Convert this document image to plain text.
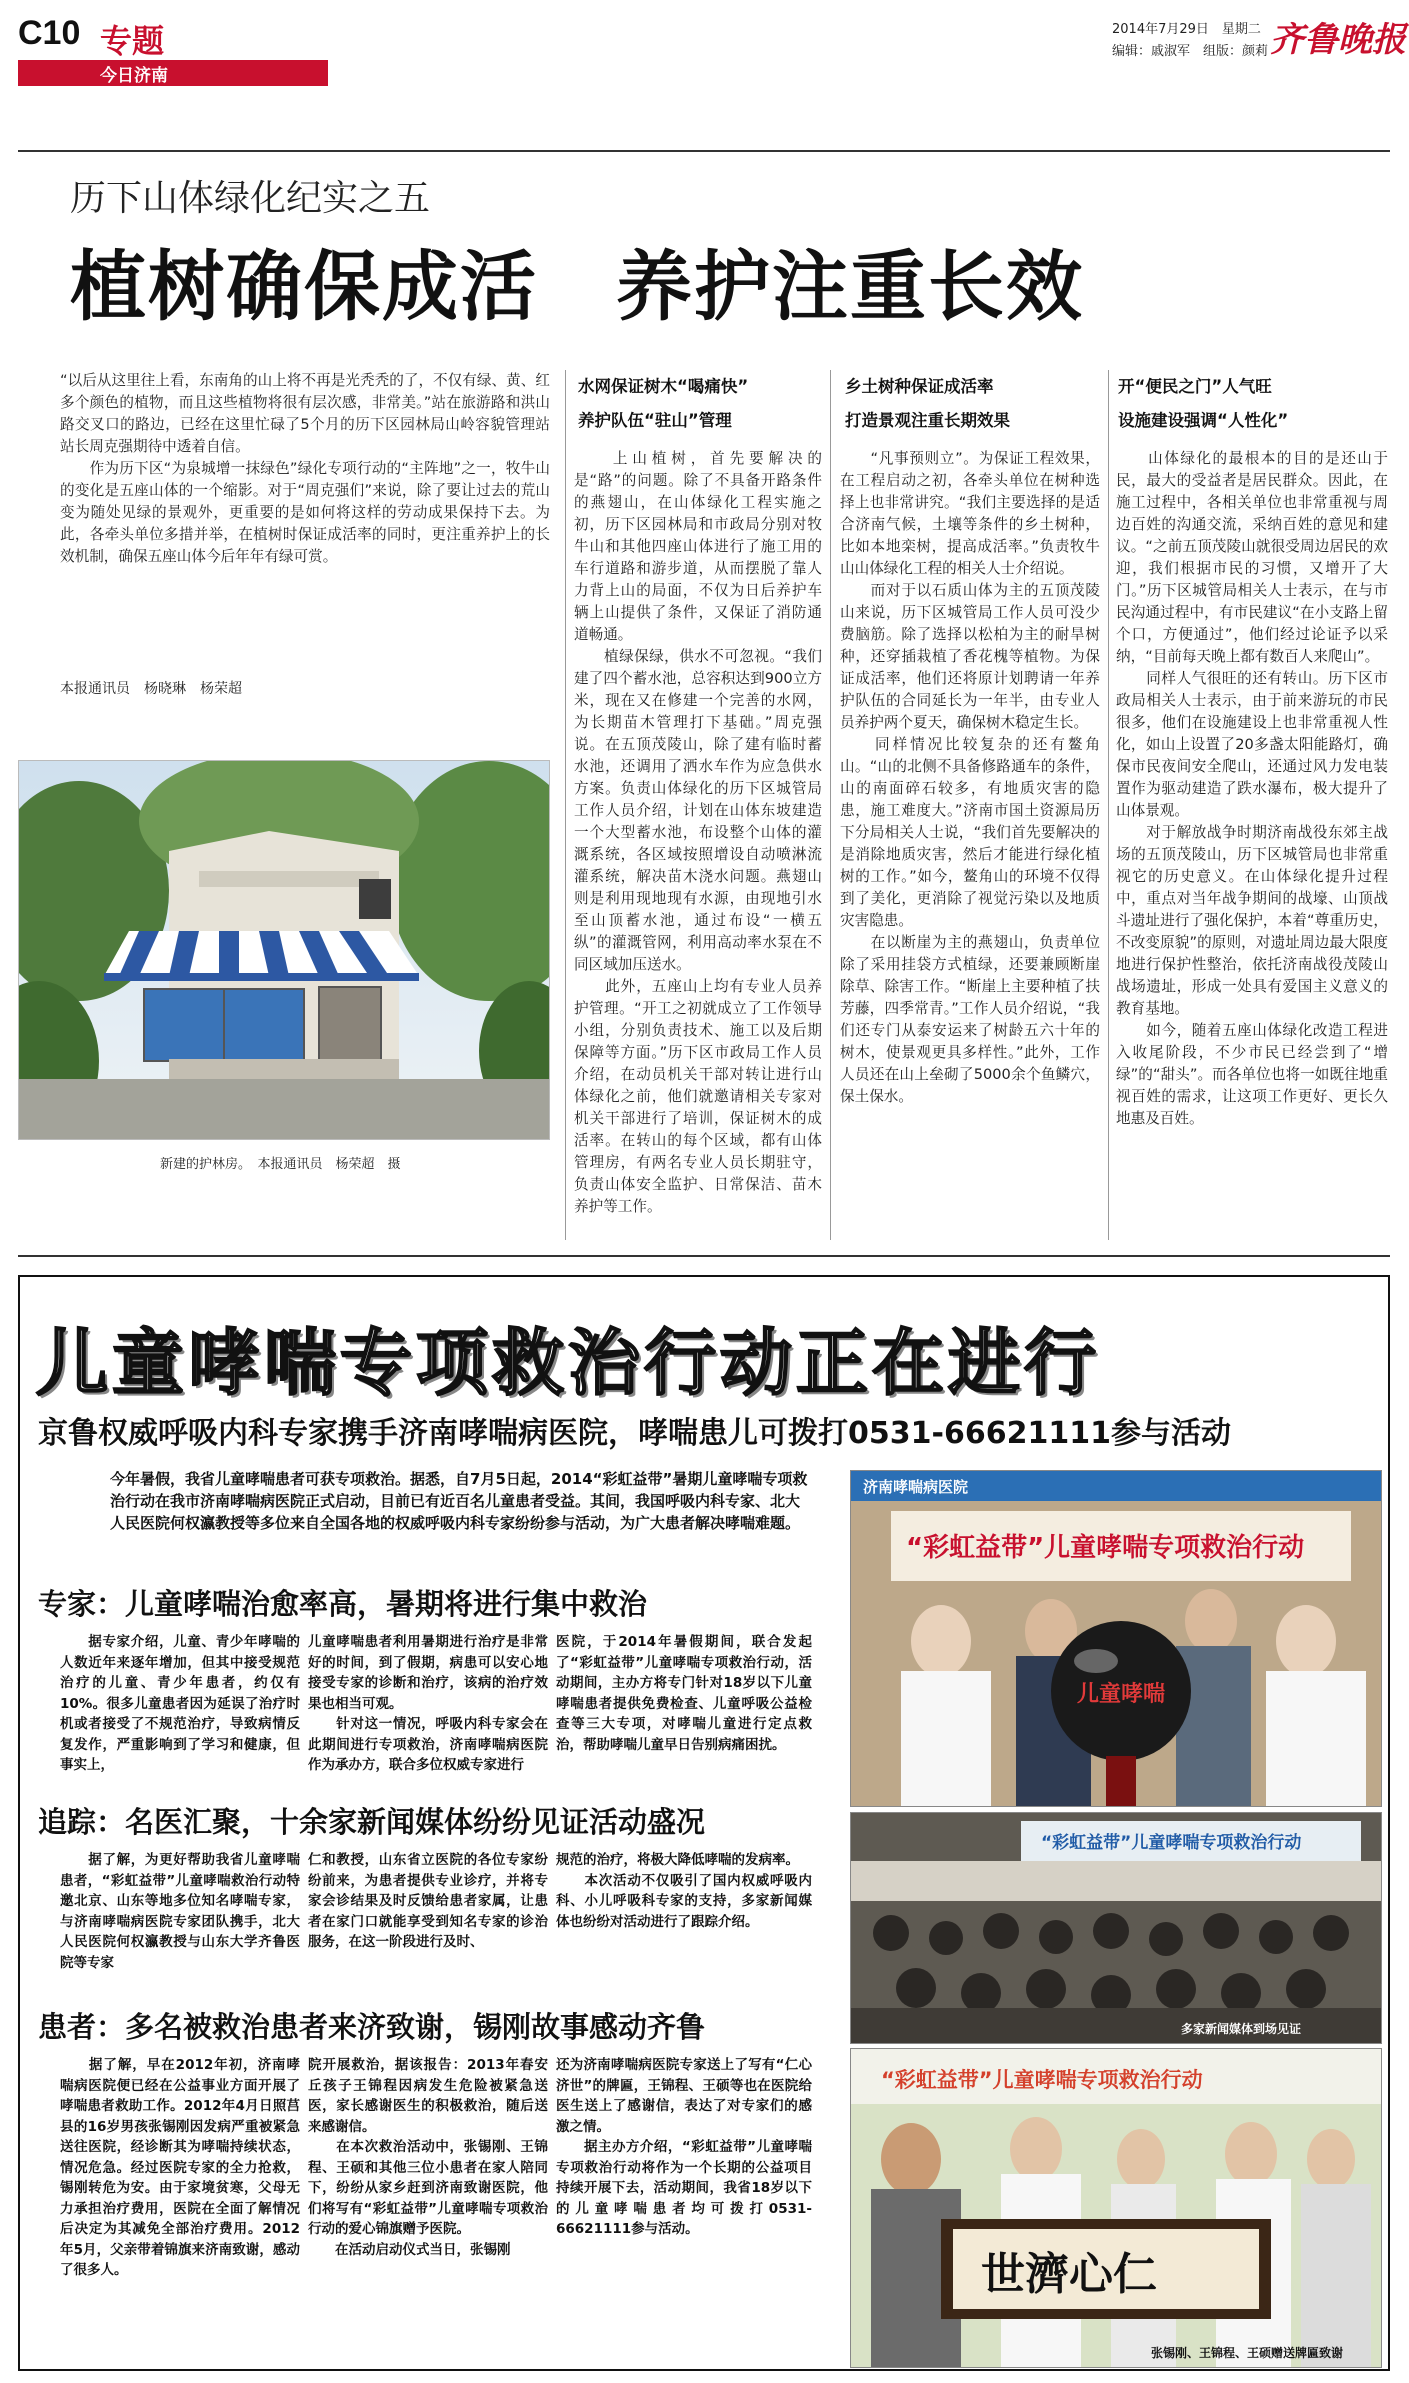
C10 专题
今日济南
2014年7月29日　星期二
编辑：戚淑军　组版：颜莉 齐鲁晚报
历下山体绿化纪实之五
植树确保成活　养护注重长效
“以后从这里往上看，东南角的山上将不再是光秃秃的了，不仅有绿、黄、红多个颜色的植物，而且这些植物将很有层次感，非常美。”站在旅游路和洪山路交叉口的路边，已经在这里忙碌了5个月的历下区园林局山岭容貌管理站站长周克强期待中透着自信。
　　作为历下区“为泉城增一抹绿色”绿化专项行动的“主阵地”之一，牧牛山的变化是五座山体的一个缩影。对于“周克强们”来说，除了要让过去的荒山变为随处见绿的景观外，更重要的是如何将这样的劳动成果保持下去。为此，各牵头单位多措并举，在植树时保证成活率的同时，更注重养护上的长效机制，确保五座山体今后年年有绿可赏。
本报通讯员　杨晓琳　杨荣超
新建的护林房。　本报通讯员　杨荣超　摄
水网保证树木“喝痛快”
养护队伍“驻山”管理
　　上山植树，首先要解决的是“路”的问题。除了不具备开路条件的燕翅山，在山体绿化工程实施之初，历下区园林局和市政局分别对牧牛山和其他四座山体进行了施工用的车行道路和游步道，从而摆脱了靠人力背上山的局面，不仅为日后养护车辆上山提供了条件，又保证了消防通道畅通。
　　植绿保绿，供水不可忽视。“我们建了四个蓄水池，总容积达到900立方米，现在又在修建一个完善的水网，为长期苗木管理打下基础。”周克强说。在五顶茂陵山，除了建有临时蓄水池，还调用了洒水车作为应急供水方案。负责山体绿化的历下区城管局工作人员介绍，计划在山体东坡建造一个大型蓄水池，布设整个山体的灌溉系统，各区域按照增设自动喷淋流灌系统，解决苗木浇水问题。燕翅山则是利用现地现有水源，由现地引水至山顶蓄水池，通过布设“一横五纵”的灌溉管网，利用高动率水泵在不同区域加压送水。
　　此外，五座山上均有专业人员养护管理。“开工之初就成立了工作领导小组，分别负责技术、施工以及后期保障等方面。”历下区市政局工作人员介绍，在动员机关干部对转让进行山体绿化之前，他们就邀请相关专家对机关干部进行了培训，保证树木的成活率。在转山的每个区域，都有山体管理房，有两名专业人员长期驻守，负责山体安全监护、日常保洁、苗木养护等工作。
乡土树种保证成活率
打造景观注重长期效果
　　“凡事预则立”。为保证工程效果，在工程启动之初，各牵头单位在树种选择上也非常讲究。“我们主要选择的是适合济南气候，土壤等条件的乡土树种，比如本地栾树，提高成活率。”负责牧牛山山体绿化工程的相关人士介绍说。
　　而对于以石质山体为主的五顶茂陵山来说，历下区城管局工作人员可没少费脑筋。除了选择以松柏为主的耐旱树种，还穿插栽植了香花槐等植物。为保证成活率，他们还将原计划聘请一年养护队伍的合同延长为一年半，由专业人员养护两个夏天，确保树木稳定生长。
　　同样情况比较复杂的还有鳌角山。“山的北侧不具备修路通车的条件，山的南面碎石较多，有地质灾害的隐患，施工难度大。”济南市国土资源局历下分局相关人士说，“我们首先要解决的是消除地质灾害，然后才能进行绿化植树的工作。”如今，鳌角山的环境不仅得到了美化，更消除了视觉污染以及地质灾害隐患。
　　在以断崖为主的燕翅山，负责单位除了采用挂袋方式植绿，还要兼顾断崖除草、除害工作。“断崖上主要种植了扶芳藤，四季常青。”工作人员介绍说，“我们还专门从泰安运来了树龄五六十年的树木，使景观更具多样性。”此外，工作人员还在山上垒砌了5000余个鱼鳞穴，保土保水。
开“便民之门”人气旺
设施建设强调“人性化”
　　山体绿化的最根本的目的是还山于民，最大的受益者是居民群众。因此，在施工过程中，各相关单位也非常重视与周边百姓的沟通交流，采纳百姓的意见和建议。“之前五顶茂陵山就很受周边居民的欢迎，我们根据市民的习惯，又增开了大门。”历下区城管局相关人士表示，在与市民沟通过程中，有市民建议“在小支路上留个口，方便通过”，他们经过论证予以采纳，“目前每天晚上都有数百人来爬山”。
　　同样人气很旺的还有转山。历下区市政局相关人士表示，由于前来游玩的市民很多，他们在设施建设上也非常重视人性化，如山上设置了20多盏太阳能路灯，确保市民夜间安全爬山，还通过风力发电装置作为驱动建造了跌水瀑布，极大提升了山体景观。
　　对于解放战争时期济南战役东郊主战场的五顶茂陵山，历下区城管局也非常重视它的历史意义。在山体绿化提升过程中，重点对当年战争期间的战壕、山顶战斗遗址进行了强化保护，本着“尊重历史，不改变原貌”的原则，对遗址周边最大限度地进行保护性整治，依托济南战役茂陵山战场遗址，形成一处具有爱国主义意义的教育基地。
　　如今，随着五座山体绿化改造工程进入收尾阶段，不少市民已经尝到了“增绿”的“甜头”。而各单位也将一如既往地重视百姓的需求，让这项工作更好、更长久地惠及百姓。
儿童哮喘专项救治行动正在进行
京鲁权威呼吸内科专家携手济南哮喘病医院，哮喘患儿可拨打0531-66621111参与活动
今年暑假，我省儿童哮喘患者可获专项救治。据悉，自7月5日起，2014“彩虹益带”暑期儿童哮喘专项救治行动在我市济南哮喘病医院正式启动，目前已有近百名儿童患者受益。其间，我国呼吸内科专家、北大人民医院何权瀛教授等多位来自全国各地的权威呼吸内科专家纷纷参与活动，为广大患者解决哮喘难题。
专家：儿童哮喘治愈率高，暑期将进行集中救治
　　据专家介绍，儿童、青少年哮喘的人数近年来逐年增加，但其中接受规范治疗的儿童、青少年患者，约仅有10%。很多儿童患者因为延误了治疗时机或者接受了不规范治疗，导致病情反复发作，严重影响到了学习和健康，但事实上，
儿童哮喘患者利用暑期进行治疗是非常好的时间，到了假期，病患可以安心地接受专家的诊断和治疗，该病的治疗效果也相当可观。
　　针对这一情况，呼吸内科专家会在此期间进行专项救治，济南哮喘病医院作为承办方，联合多位权威专家进行
医院，于2014年暑假期间，联合发起了“彩虹益带”儿童哮喘专项救治行动，活动期间，主办方将专门针对18岁以下儿童哮喘患者提供免费检查、儿童呼吸公益检查等三大专项，对哮喘儿童进行定点救治，帮助哮喘儿童早日告别病痛困扰。
追踪：名医汇聚，十余家新闻媒体纷纷见证活动盛况
　　据了解，为更好帮助我省儿童哮喘患者，“彩虹益带”儿童哮喘救治行动特邀北京、山东等地多位知名哮喘专家，与济南哮喘病医院专家团队携手，北大人民医院何权瀛教授与山东大学齐鲁医院等专家
仁和教授，山东省立医院的各位专家纷纷前来，为患者提供专业诊疗，并将专家会诊结果及时反馈给患者家属，让患者在家门口就能享受到知名专家的诊治服务，在这一阶段进行及时、
规范的治疗，将极大降低哮喘的发病率。
　　本次活动不仅吸引了国内权威呼吸内科、小儿呼吸科专家的支持，多家新闻媒体也纷纷对活动进行了跟踪介绍。
患者：多名被救治患者来济致谢，锡刚故事感动齐鲁
　　据了解，早在2012年初，济南哮喘病医院便已经在公益事业方面开展了哮喘患者救助工作。2012年4月日照莒县的16岁男孩张锡刚因发病严重被紧急送往医院，经诊断其为哮喘持续状态，情况危急。经过医院专家的全力抢救，锡刚转危为安。由于家境贫寒，父母无力承担治疗费用，医院在全面了解情况后决定为其减免全部治疗费用。2012年5月，父亲带着锦旗来济南致谢，感动了很多人。
院开展救治，据该报告：2013年春安丘孩子王锦程因病发生危险被紧急送医，家长感谢医生的积极救治，随后送来感谢信。
　　在本次救治活动中，张锡刚、王锦程、王硕和其他三位小患者在家人陪同下，纷纷从家乡赶到济南致谢医院，他们将写有“彩虹益带”儿童哮喘专项救治行动的爱心锦旗赠予医院。
　　在活动启动仪式当日，张锡刚
还为济南哮喘病医院专家送上了写有“仁心济世”的牌匾，王锦程、王硕等也在医院给医生送上了感谢信，表达了对专家们的感激之情。
　　据主办方介绍，“彩虹益带”儿童哮喘专项救治行动将作为一个长期的公益项目持续开展下去，活动期间，我省18岁以下的儿童哮喘患者均可拨打0531-66621111参与活动。
济南哮喘病医院
“彩虹益带”儿童哮喘专项救治行动
儿童哮喘
“彩虹益带”儿童哮喘专项救治行动
多家新闻媒体到场见证
“彩虹益带”儿童哮喘专项救治行动
世濟心仁
张锡刚、王锦程、王硕赠送牌匾致谢
